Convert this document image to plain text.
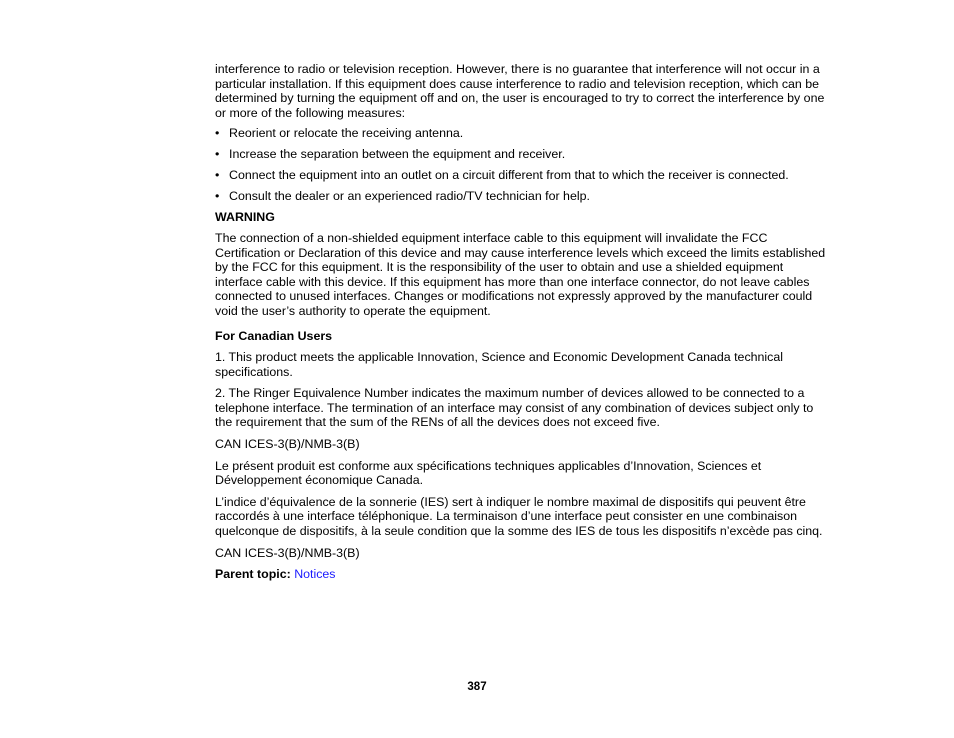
interference to radio or television reception. However, there is no guarantee that interference will not occur in a particular installation. If this equipment does cause interference to radio and television reception, which can be determined by turning the equipment off and on, the user is encouraged to try to correct the interference by one or more of the following measures:

• Reorient or relocate the receiving antenna.
• Increase the separation between the equipment and receiver.
• Connect the equipment into an outlet on a circuit different from that to which the receiver is connected.
• Consult the dealer or an experienced radio/TV technician for help.

WARNING

The connection of a non-shielded equipment interface cable to this equipment will invalidate the FCC Certification or Declaration of this device and may cause interference levels which exceed the limits established by the FCC for this equipment. It is the responsibility of the user to obtain and use a shielded equipment interface cable with this device. If this equipment has more than one interface connector, do not leave cables connected to unused interfaces. Changes or modifications not expressly approved by the manufacturer could void the user’s authority to operate the equipment.

For Canadian Users

1. This product meets the applicable Innovation, Science and Economic Development Canada technical specifications.

2. The Ringer Equivalence Number indicates the maximum number of devices allowed to be connected to a telephone interface. The termination of an interface may consist of any combination of devices subject only to the requirement that the sum of the RENs of all the devices does not exceed five.

CAN ICES-3(B)/NMB-3(B)

Le présent produit est conforme aux spécifications techniques applicables d’Innovation, Sciences et Développement économique Canada.

L’indice d’équivalence de la sonnerie (IES) sert à indiquer le nombre maximal de dispositifs qui peuvent être raccordés à une interface téléphonique. La terminaison d’une interface peut consister en une combinaison quelconque de dispositifs, à la seule condition que la somme des IES de tous les dispositifs n’excède pas cinq.

CAN ICES-3(B)/NMB-3(B)

Parent topic: Notices

387
